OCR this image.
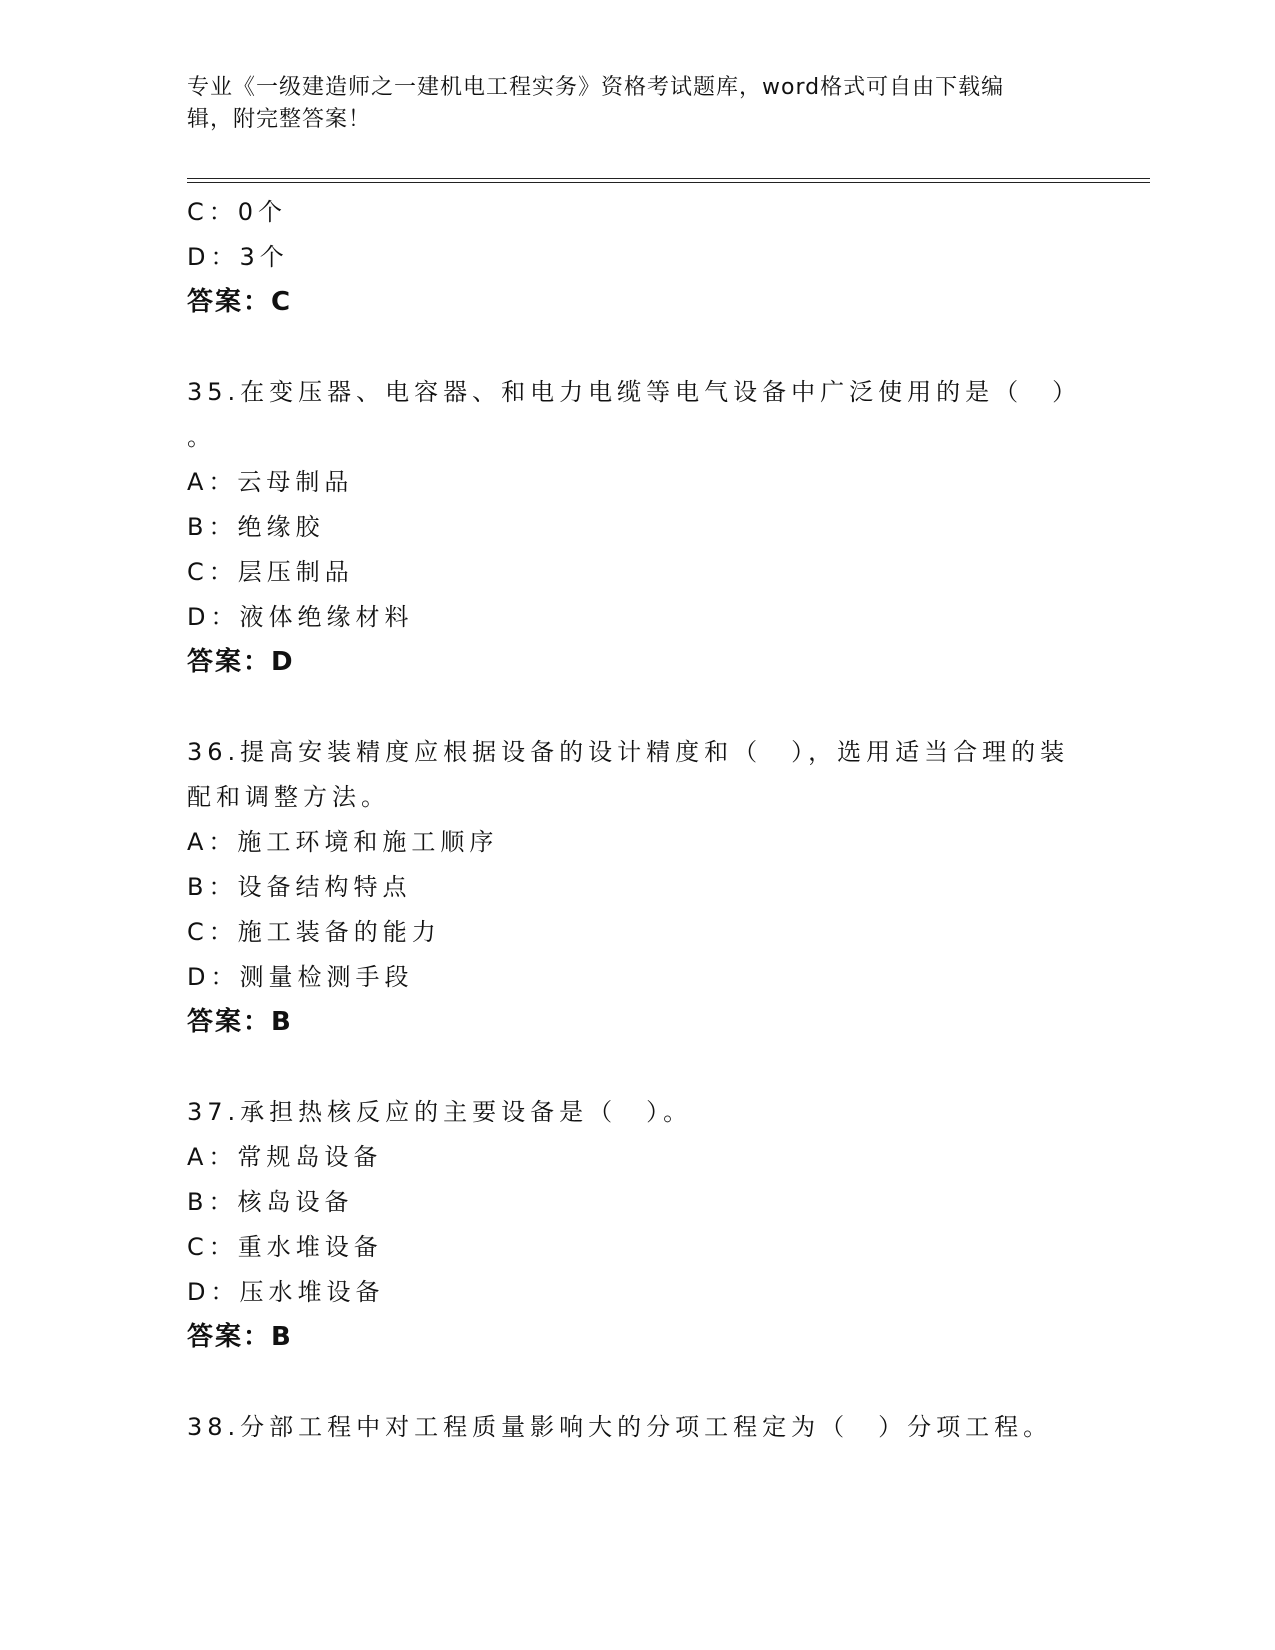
专业《一级建造师之一建机电工程实务》资格考试题库，word格式可自由下载编
辑，附完整答案！
C：0个
D：3个
答案：C
35.在变压器、电容器、和电力电缆等电气设备中广泛使用的是（　）
。
A：云母制品
B：绝缘胶
C：层压制品
D：液体绝缘材料
答案：D
36.提高安装精度应根据设备的设计精度和（　），选用适当合理的装
配和调整方法。
A：施工环境和施工顺序
B：设备结构特点
C：施工装备的能力
D：测量检测手段
答案：B
37.承担热核反应的主要设备是（　）。
A：常规岛设备
B：核岛设备
C：重水堆设备
D：压水堆设备
答案：B
38.分部工程中对工程质量影响大的分项工程定为（　）分项工程。
